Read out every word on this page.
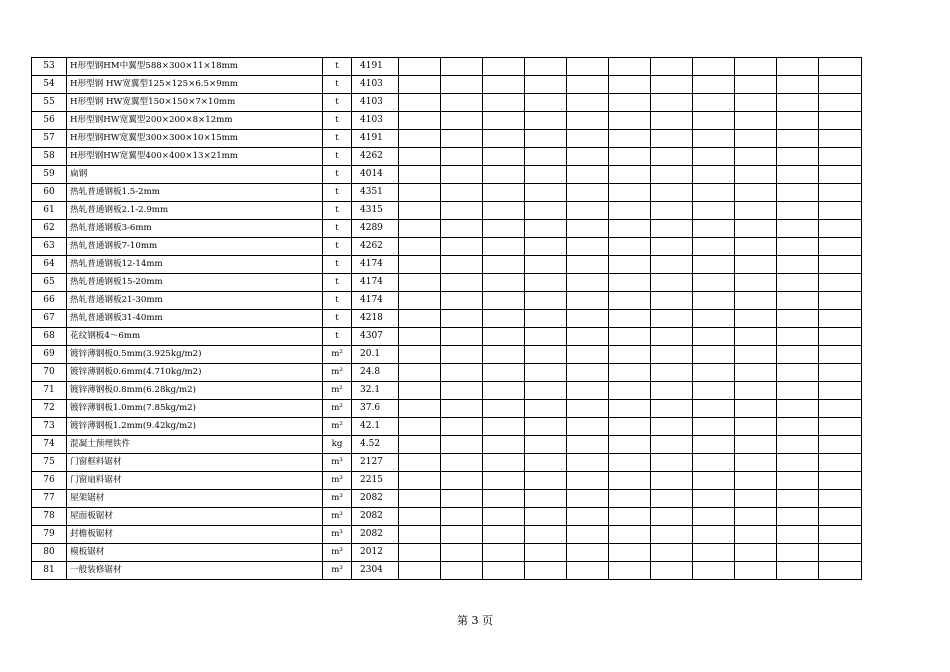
53	H形型钢HM中翼型588×300×11×18mm	t	4191											
54	H形型钢 HW宽翼型125×125×6.5×9mm	t	4103											
55	H形型钢 HW宽翼型150×150×7×10mm	t	4103											
56	H形型钢HW宽翼型200×200×8×12mm	t	4103											
57	H形型钢HW宽翼型300×300×10×15mm	t	4191											
58	H形型钢HW宽翼型400×400×13×21mm	t	4262											
59	扁钢	t	4014											
60	热轧普通钢板1.5-2mm	t	4351											
61	热轧普通钢板2.1-2.9mm	t	4315											
62	热轧普通钢板3-6mm	t	4289											
63	热轧普通钢板7-10mm	t	4262											
64	热轧普通钢板12-14mm	t	4174											
65	热轧普通钢板15-20mm	t	4174											
66	热轧普通钢板21-30mm	t	4174											
67	热轧普通钢板31-40mm	t	4218											
68	花纹钢板4～6mm	t	4307											
69	镀锌薄钢板0.5mm(3.925kg/m2)	m²	20.1											
70	镀锌薄钢板0.6mm(4.710kg/m2)	m²	24.8											
71	镀锌薄钢板0.8mm(6.28kg/m2)	m²	32.1											
72	镀锌薄钢板1.0mm(7.85kg/m2)	m²	37.6											
73	镀锌薄钢板1.2mm(9.42kg/m2)	m²	42.1											
74	混凝土预埋铁件	kg	4.52											
75	门窗框料锯材	m³	2127											
76	门窗扇料锯材	m³	2215											
77	屋架锯材	m³	2082											
78	屋面板锯材	m³	2082											
79	封檐板锯材	m³	2082											
80	模板锯材	m³	2012											
81	一般装修锯材	m³	2304											
第 3 页
